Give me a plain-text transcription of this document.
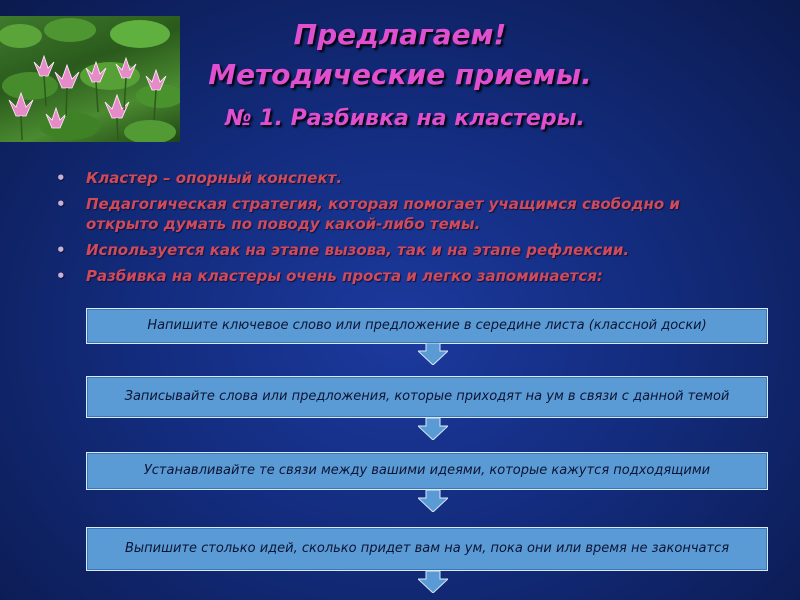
Предлагаем!
Методические приемы.
№ 1. Разбивка на кластеры.
• Кластер – опорный конспект.
• Педагогическая стратегия, которая помогает учащимся свободно и открыто думать по поводу какой-либо темы.
• Используется как на этапе вызова, так и на этапе рефлексии.
• Разбивка на кластеры очень проста и легко запоминается:
Напишите ключевое слово или предложение в середине листа (классной доски)
Записывайте слова или предложения, которые приходят на ум в связи с данной темой
Устанавливайте те связи между вашими идеями, которые кажутся подходящими
Выпишите столько идей, сколько придет вам на ум, пока они или время не закончатся
